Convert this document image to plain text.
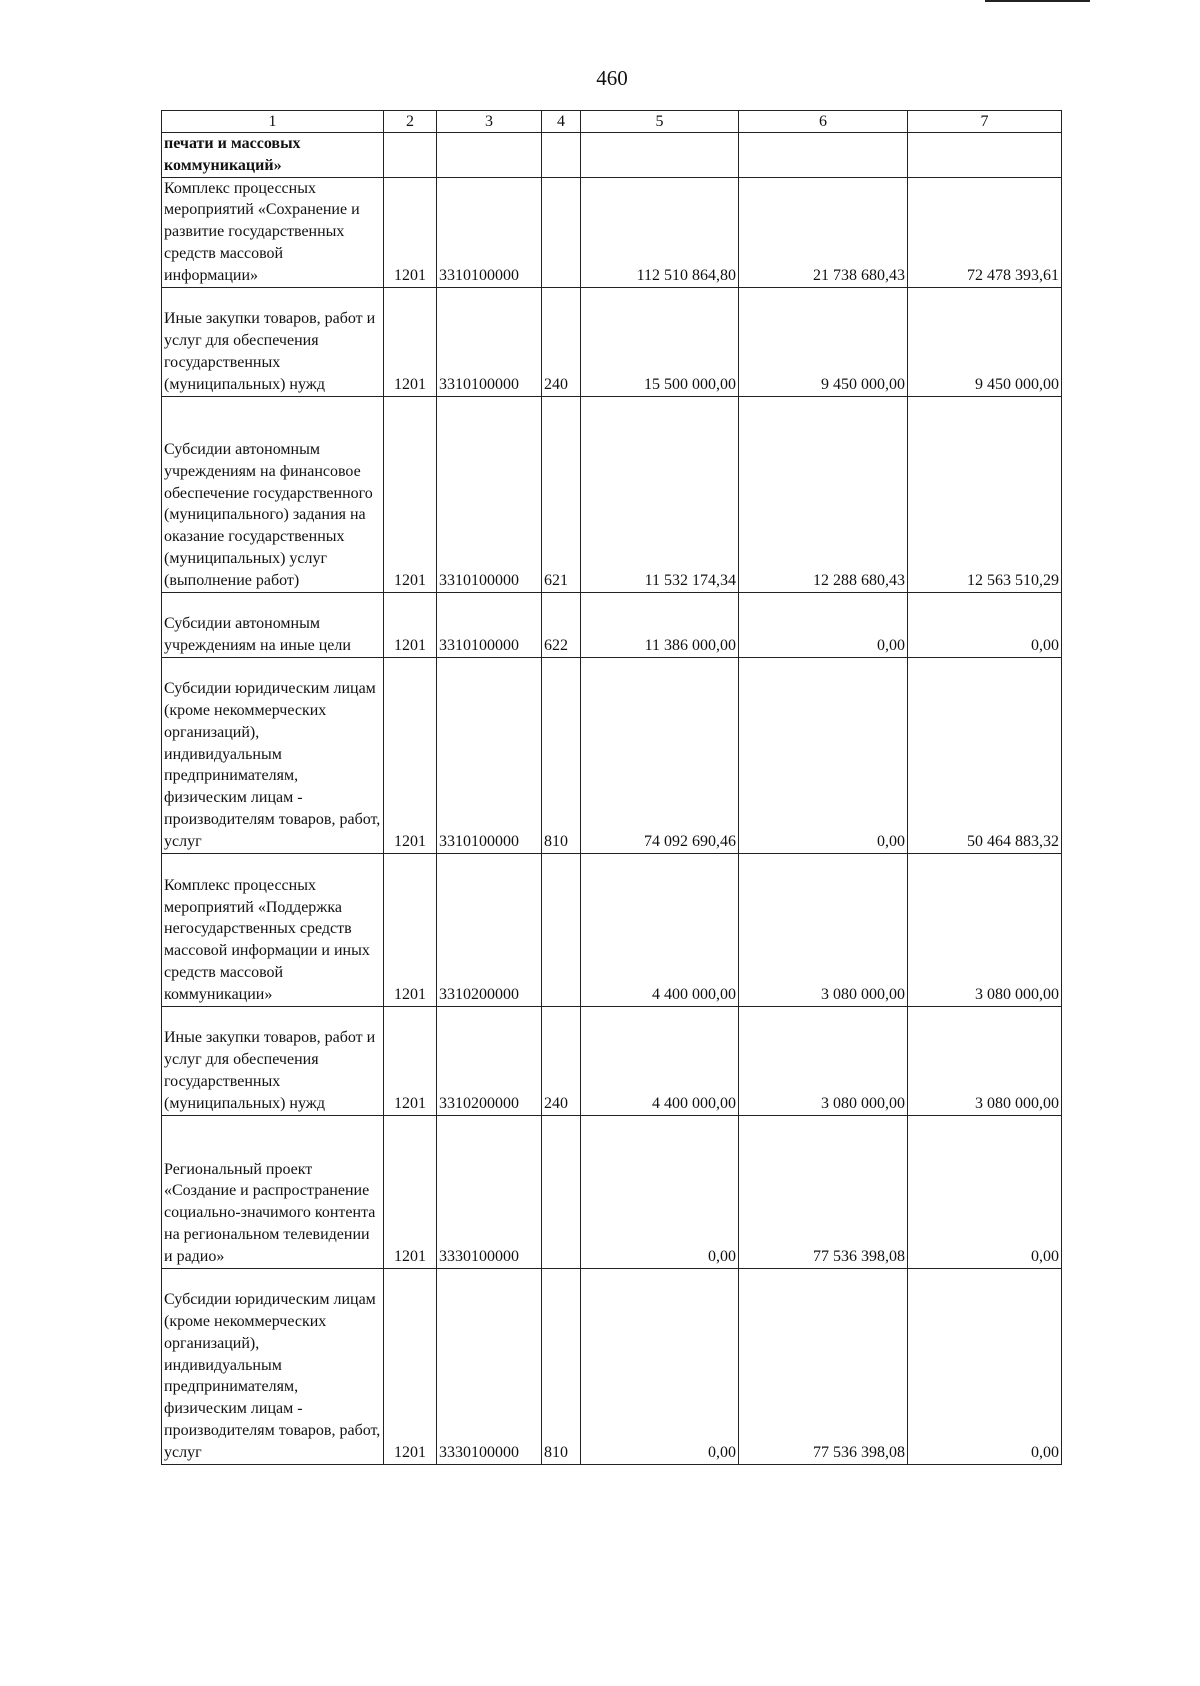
460
1	2	3	4	5	6	7
печати и массовых коммуникаций»						
Комплекс процессных мероприятий «Сохранение и развитие государственных средств массовой информации»	1201	3310100000		112 510 864,80	21 738 680,43	72 478 393,61
Иные закупки товаров, работ и услуг для обеспечения государственных (муниципальных) нужд	1201	3310100000	240	15 500 000,00	9 450 000,00	9 450 000,00
Субсидии автономным учреждениям на финансовое обеспечение государственного (муниципального) задания на оказание государственных (муниципальных) услуг (выполнение работ)	1201	3310100000	621	11 532 174,34	12 288 680,43	12 563 510,29
Субсидии автономным учреждениям на иные цели	1201	3310100000	622	11 386 000,00	0,00	0,00
Субсидии юридическим лицам (кроме некоммерческих организаций), индивидуальным предпринимателям, физическим лицам - производителям товаров, работ, услуг	1201	3310100000	810	74 092 690,46	0,00	50 464 883,32
Комплекс процессных мероприятий «Поддержка негосударственных средств массовой информации и иных средств массовой коммуникации»	1201	3310200000		4 400 000,00	3 080 000,00	3 080 000,00
Иные закупки товаров, работ и услуг для обеспечения государственных (муниципальных) нужд	1201	3310200000	240	4 400 000,00	3 080 000,00	3 080 000,00
Региональный проект «Создание и распространение социально-значимого контента на региональном телевидении и радио»	1201	3330100000		0,00	77 536 398,08	0,00
Субсидии юридическим лицам (кроме некоммерческих организаций), индивидуальным предпринимателям, физическим лицам - производителям товаров, работ, услуг	1201	3330100000	810	0,00	77 536 398,08	0,00
